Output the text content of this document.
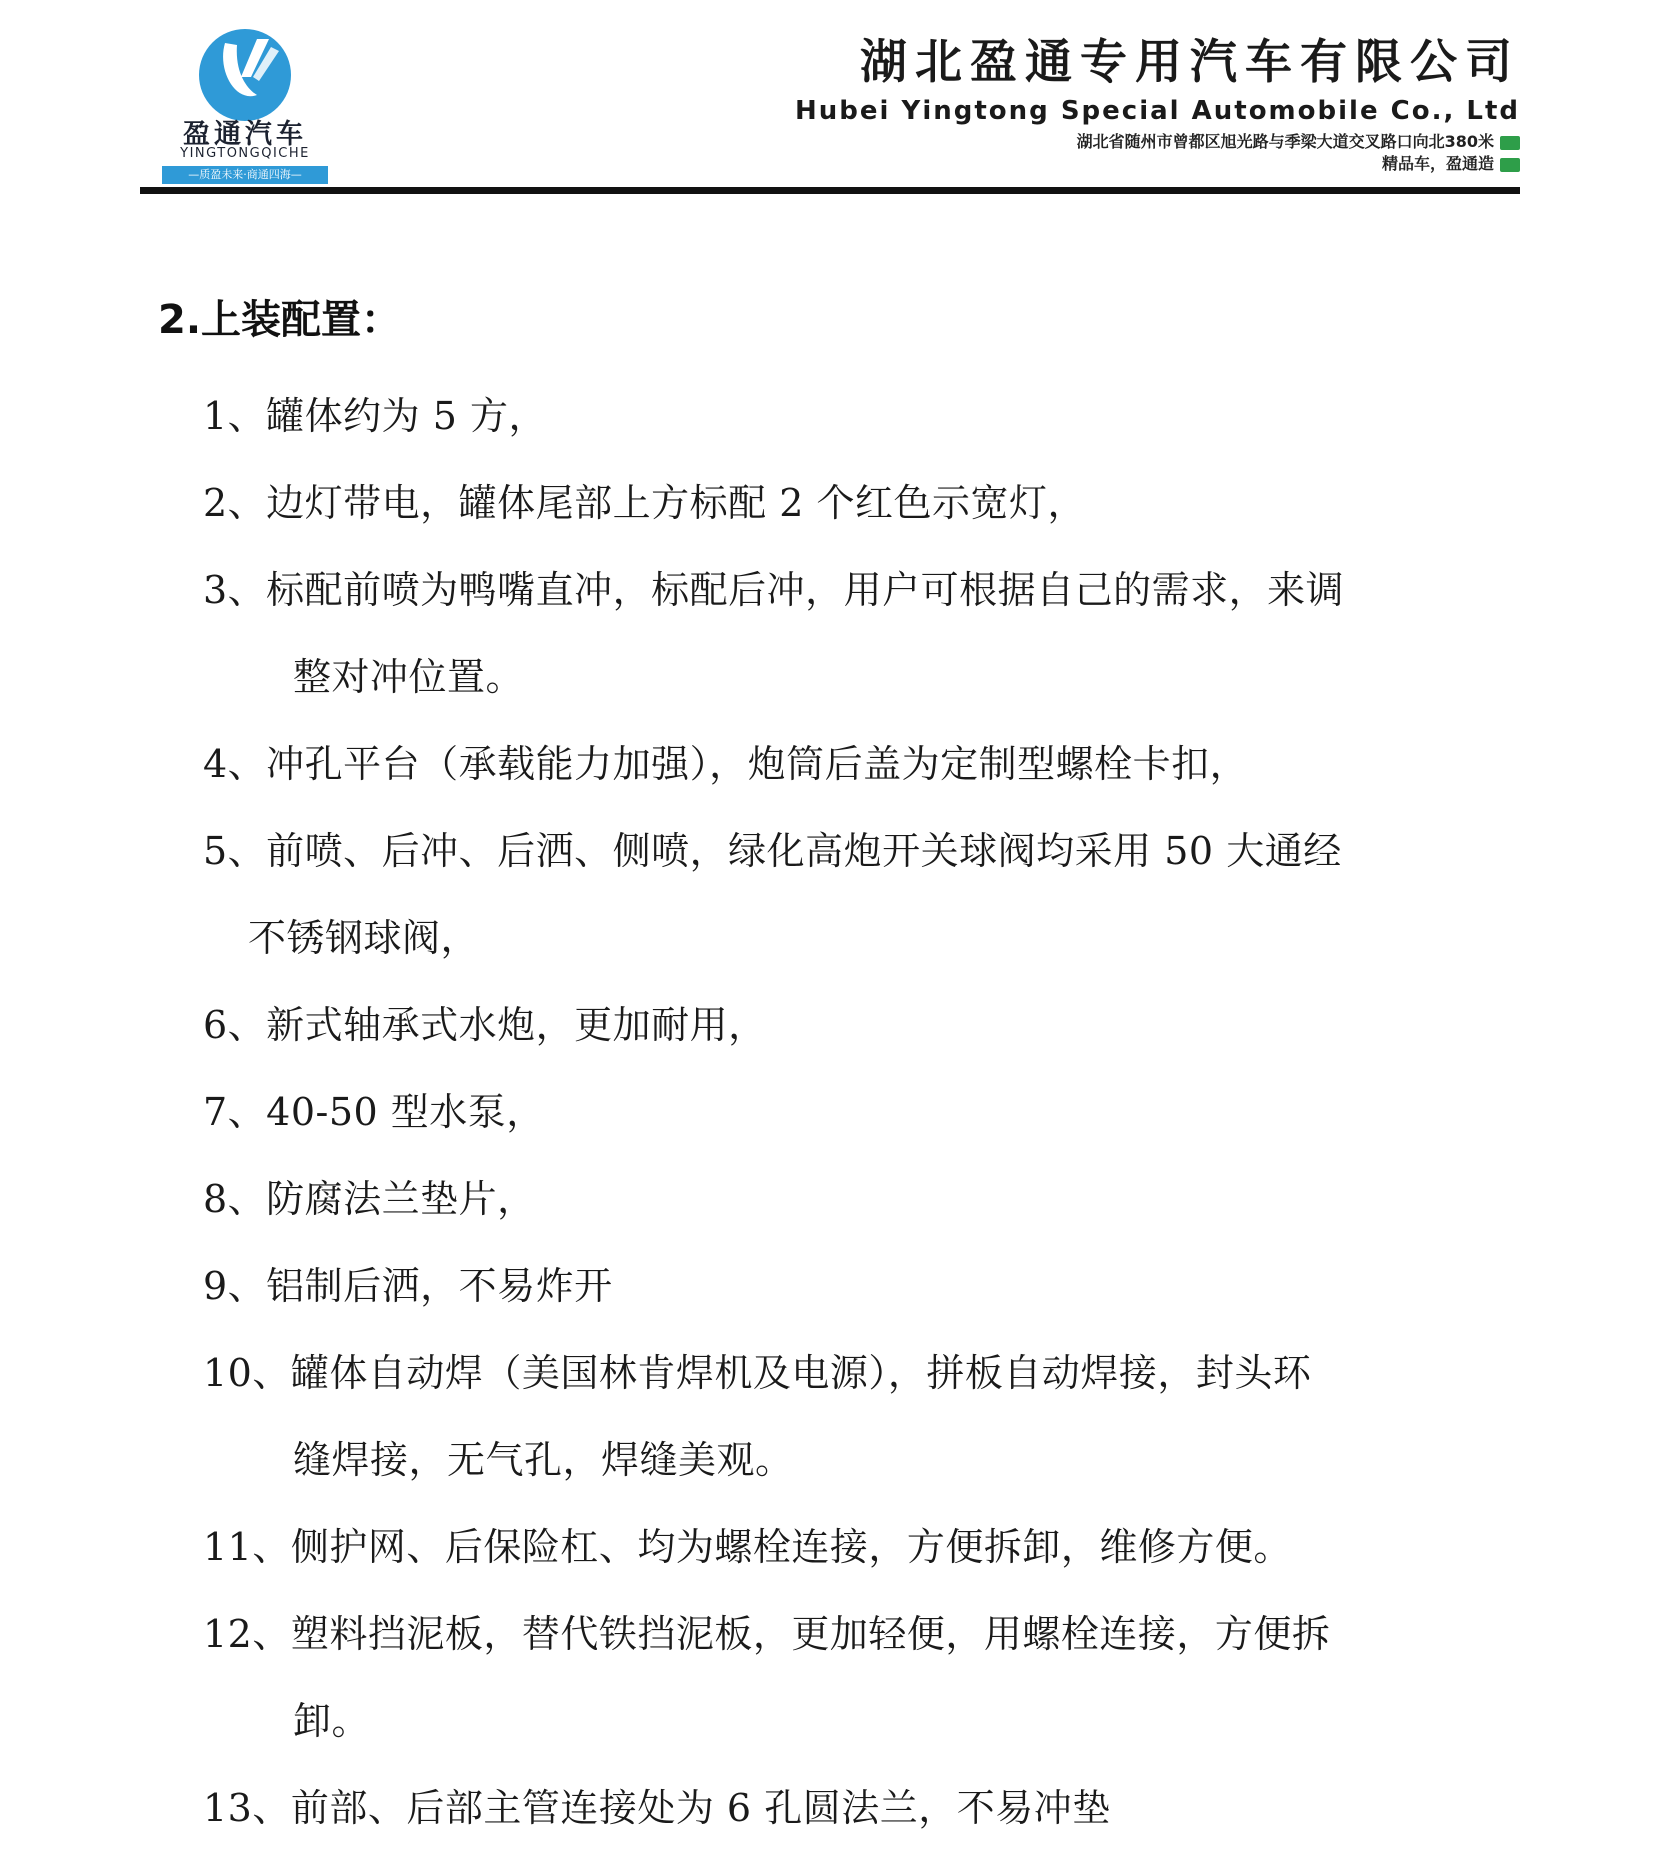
盈通汽车
YINGTONGQICHE
—质盈未来·商通四海—
湖北盈通专用汽车有限公司
Hubei Yingtong Special Automobile Co., Ltd
湖北省随州市曾都区旭光路与季梁大道交叉路口向北380米
精品车，盈通造
2.上装配置：
1、罐体约为 5 方，
2、边灯带电，罐体尾部上方标配 2 个红色示宽灯，
3、标配前喷为鸭嘴直冲，标配后冲，用户可根据自己的需求，来调
整对冲位置。
4、冲孔平台（承载能力加强），炮筒后盖为定制型螺栓卡扣，
5、前喷、后冲、后洒、侧喷，绿化高炮开关球阀均采用 50 大通经
不锈钢球阀，
6、新式轴承式水炮，更加耐用，
7、40-50 型水泵，
8、防腐法兰垫片，
9、铝制后洒，不易炸开
10、罐体自动焊（美国林肯焊机及电源），拼板自动焊接，封头环
缝焊接，无气孔，焊缝美观。
11、侧护网、后保险杠、均为螺栓连接，方便拆卸，维修方便。
12、塑料挡泥板，替代铁挡泥板，更加轻便，用螺栓连接，方便拆
卸。
13、前部、后部主管连接处为 6 孔圆法兰，不易冲垫
